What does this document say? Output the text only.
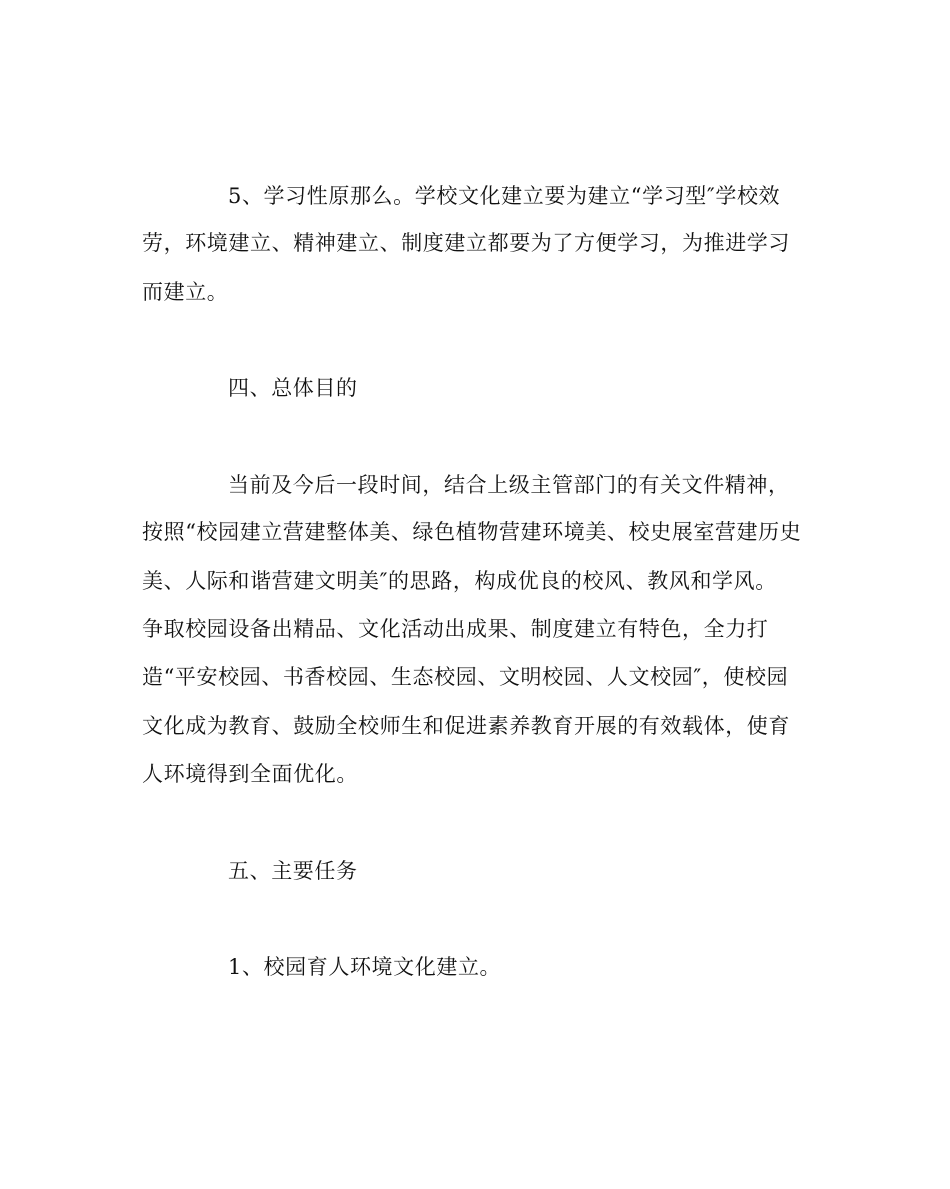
5、学习性原那么。学校文化建立要为建立“学习型″学校效
劳，环境建立、精神建立、制度建立都要为了方便学习，为推进学习
而建立。
四、总体目的
当前及今后一段时间，结合上级主管部门的有关文件精神，
按照“校园建立营建整体美、绿色植物营建环境美、校史展室营建历史
美、人际和谐营建文明美″的思路，构成优良的校风、教风和学风。
争取校园设备出精品、文化活动出成果、制度建立有特色，全力打
造“平安校园、书香校园、生态校园、文明校园、人文校园″，使校园
文化成为教育、鼓励全校师生和促进素养教育开展的有效载体，使育
人环境得到全面优化。
五、主要任务
1、校园育人环境文化建立。
